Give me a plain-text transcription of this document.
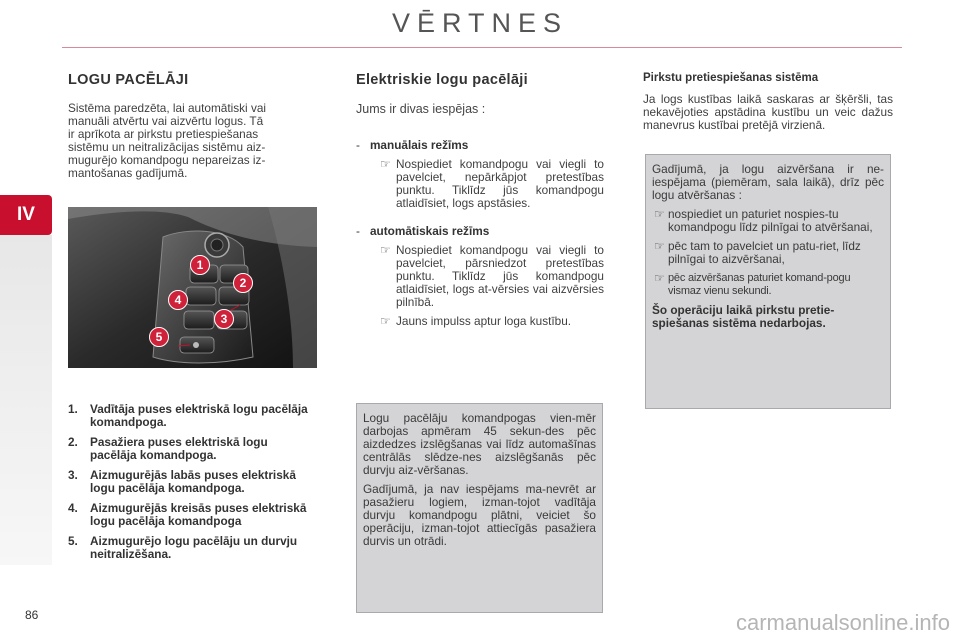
VĒRTNES
IV
LOGU PACĒLĀJI
Sistēma paredzēta, lai automātiski vai
manuāli atvērtu vai aizvērtu logus. Tā
ir aprīkota ar pirkstu pretiespiešanas
sistēmu un neitralizācijas sistēmu aiz-
mugurējo komandpogu nepareizas iz-
mantošanas gadījumā.
1
2
3
4
5
1.	Vadītāja puses elektriskā logu pacēlāja komandpoga.
2.	Pasažiera puses elektriskā logu pacēlāja komandpoga.
3.	Aizmugurējās labās puses elektriskā logu pacēlāja komandpoga.
4.	Aizmugurējās kreisās puses elektriskā logu pacēlāja komandpoga
5.	Aizmugurējo logu pacēlāju un durvju neitralizēšana.
Elektriskie logu pacēlāji
Jums ir divas iespējas :
- manuālais režīms
☞ Nospiediet komandpogu vai viegli to pavelciet, nepārkāpjot pretestības punktu. Tiklīdz jūs komandpogu atlaidīsiet, logs apstāsies.
- automātiskais režīms
☞ Nospiediet komandpogu vai viegli to pavelciet, pārsniedzot pretestības punktu. Tiklīdz jūs komandpogu atlaidīsiet, logs at-vērsies vai aizvērsies pilnībā.
☞ Jauns impulss aptur loga kustību.
Logu pacēlāju komandpogas vien-mēr darbojas apmēram 45 sekun-des pēc aizdedzes izslēgšanas vai līdz automašīnas centrālās slēdze-nes aizslēgšanās pēc durvju aiz-vēršanas.
Gadījumā, ja nav iespējams ma-nevrēt ar pasažieru logiem, izman-tojot vadītāja durvju komandpogu plātni, veiciet šo operāciju, izman-tojot attiecīgās pasažiera durvis un otrādi.
Pirkstu pretiespiešanas sistēma
Ja logs kustības laikā saskaras ar šķēršli, tas nekavējoties apstādina kustību un veic dažus manevrus kustībai pretējā virzienā.
Gadījumā, ja logu aizvēršana ir ne-iespējama (piemēram, sala laikā), drīz pēc logu atvēršanas :
☞ nospiediet un paturiet nospies-tu komandpogu līdz pilnīgai to atvēršanai,
☞ pēc tam to pavelciet un patu-riet, līdz pilnīgai to aizvēršanai,
☞ pēc aizvēršanas paturiet komand-pogu vismaz vienu sekundi.
Šo operāciju laikā pirkstu pretie-spiešanas sistēma nedarbojas.
86	carmanualsonline.info
